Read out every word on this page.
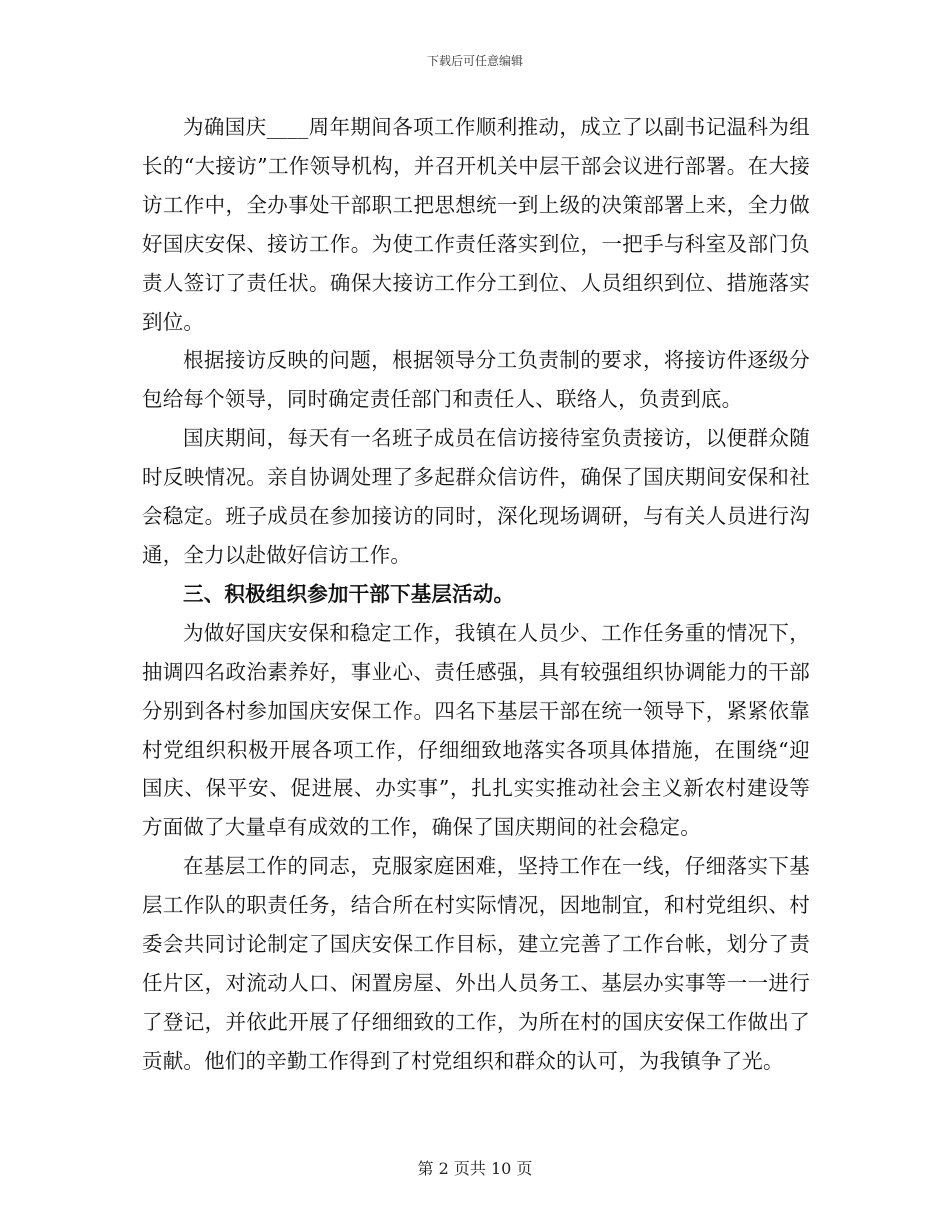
下载后可任意编辑

为确国庆____周年期间各项工作顺利推动，成立了以副书记温科为组长的“大接访”工作领导机构，并召开机关中层干部会议进行部署。在大接访工作中，全办事处干部职工把思想统一到上级的决策部署上来，全力做好国庆安保、接访工作。为使工作责任落实到位，一把手与科室及部门负责人签订了责任状。确保大接访工作分工到位、人员组织到位、措施落实到位。

根据接访反映的问题，根据领导分工负责制的要求，将接访件逐级分包给每个领导，同时确定责任部门和责任人、联络人，负责到底。

国庆期间，每天有一名班子成员在信访接待室负责接访，以便群众随时反映情况。亲自协调处理了多起群众信访件，确保了国庆期间安保和社会稳定。班子成员在参加接访的同时，深化现场调研，与有关人员进行沟通，全力以赴做好信访工作。

三、积极组织参加干部下基层活动。

为做好国庆安保和稳定工作，我镇在人员少、工作任务重的情况下，抽调四名政治素养好，事业心、责任感强，具有较强组织协调能力的干部分别到各村参加国庆安保工作。四名下基层干部在统一领导下，紧紧依靠村党组织积极开展各项工作，仔细细致地落实各项具体措施，在围绕“迎国庆、保平安、促进展、办实事”，扎扎实实推动社会主义新农村建设等方面做了大量卓有成效的工作，确保了国庆期间的社会稳定。

在基层工作的同志，克服家庭困难，坚持工作在一线，仔细落实下基层工作队的职责任务，结合所在村实际情况，因地制宜，和村党组织、村委会共同讨论制定了国庆安保工作目标，建立完善了工作台帐，划分了责任片区，对流动人口、闲置房屋、外出人员务工、基层办实事等一一进行了登记，并依此开展了仔细细致的工作，为所在村的国庆安保工作做出了贡献。他们的辛勤工作得到了村党组织和群众的认可，为我镇争了光。

第 2 页共 10 页
